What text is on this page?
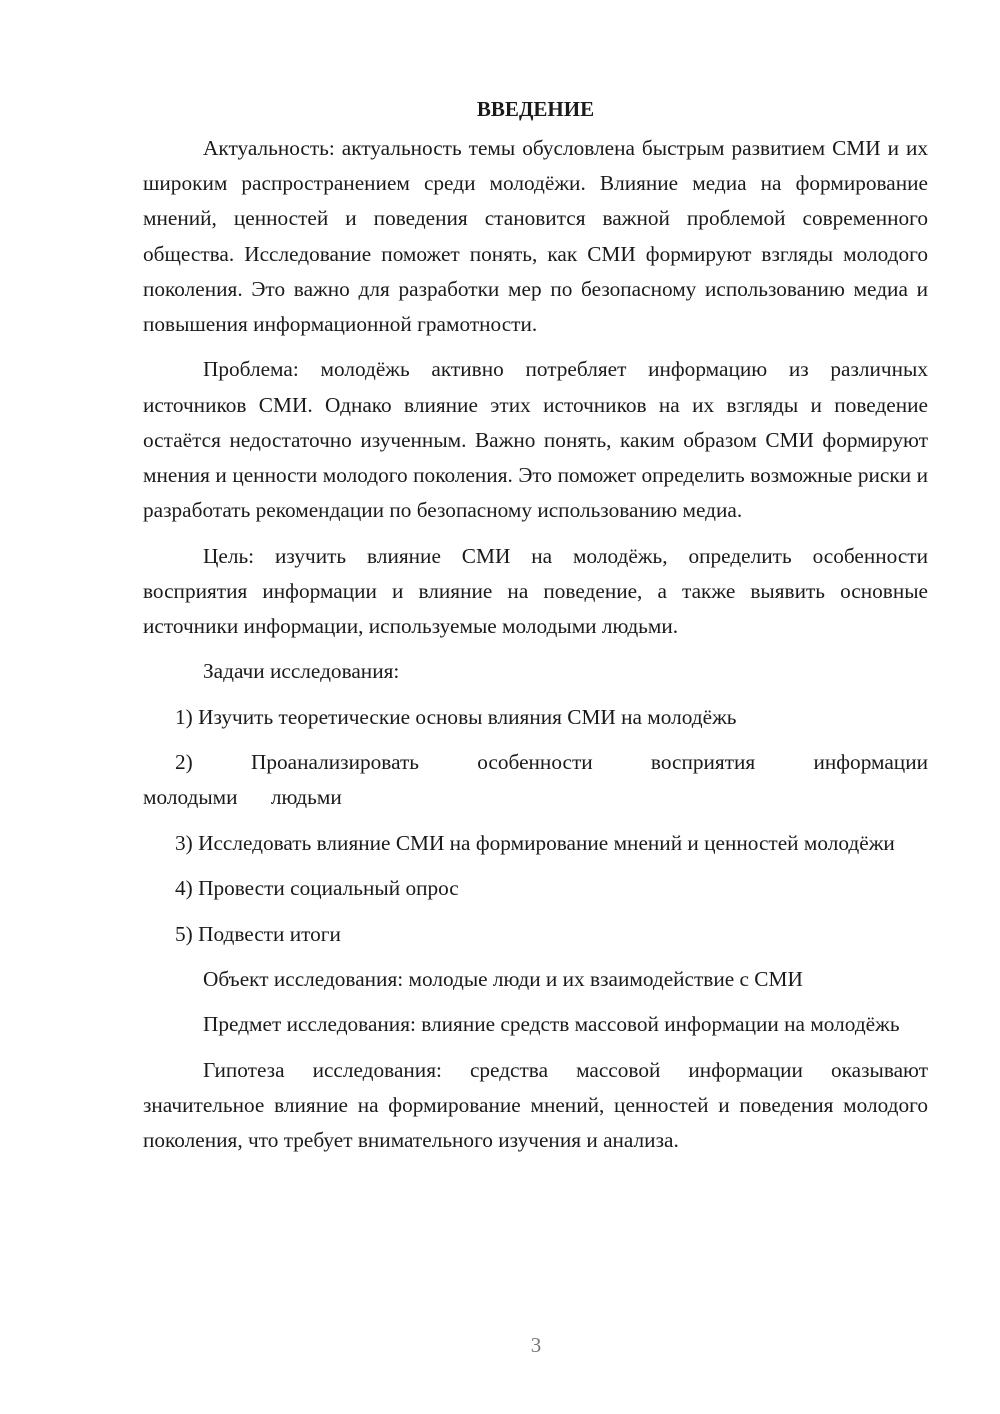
ВВЕДЕНИЕ

Актуальность: актуальность темы обусловлена быстрым развитием СМИ и их широким распространением среди молодёжи. Влияние медиа на формирование мнений, ценностей и поведения становится важной проблемой современного общества. Исследование поможет понять, как СМИ формируют взгляды молодого поколения. Это важно для разработки мер по безопасному использованию медиа и повышения информационной грамотности.

Проблема: молодёжь активно потребляет информацию из различных источников СМИ. Однако влияние этих источников на их взгляды и поведение остаётся недостаточно изученным. Важно понять, каким образом СМИ формируют мнения и ценности молодого поколения. Это поможет определить возможные риски и разработать рекомендации по безопасному использованию медиа.

Цель: изучить влияние СМИ на молодёжь, определить особенности восприятия информации и влияние на поведение, а также выявить основные источники информации, используемые молодыми людьми.

Задачи исследования:

1) Изучить теоретические основы влияния СМИ на молодёжь

2) Проанализировать особенности восприятия информации молодыми людьми

3) Исследовать влияние СМИ на формирование мнений и ценностей молодёжи

4) Провести социальный опрос

5) Подвести итоги

Объект исследования: молодые люди и их взаимодействие с СМИ

Предмет исследования: влияние средств массовой информации на молодёжь

Гипотеза исследования: средства массовой информации оказывают значительное влияние на формирование мнений, ценностей и поведения молодого поколения, что требует внимательного изучения и анализа.

3
